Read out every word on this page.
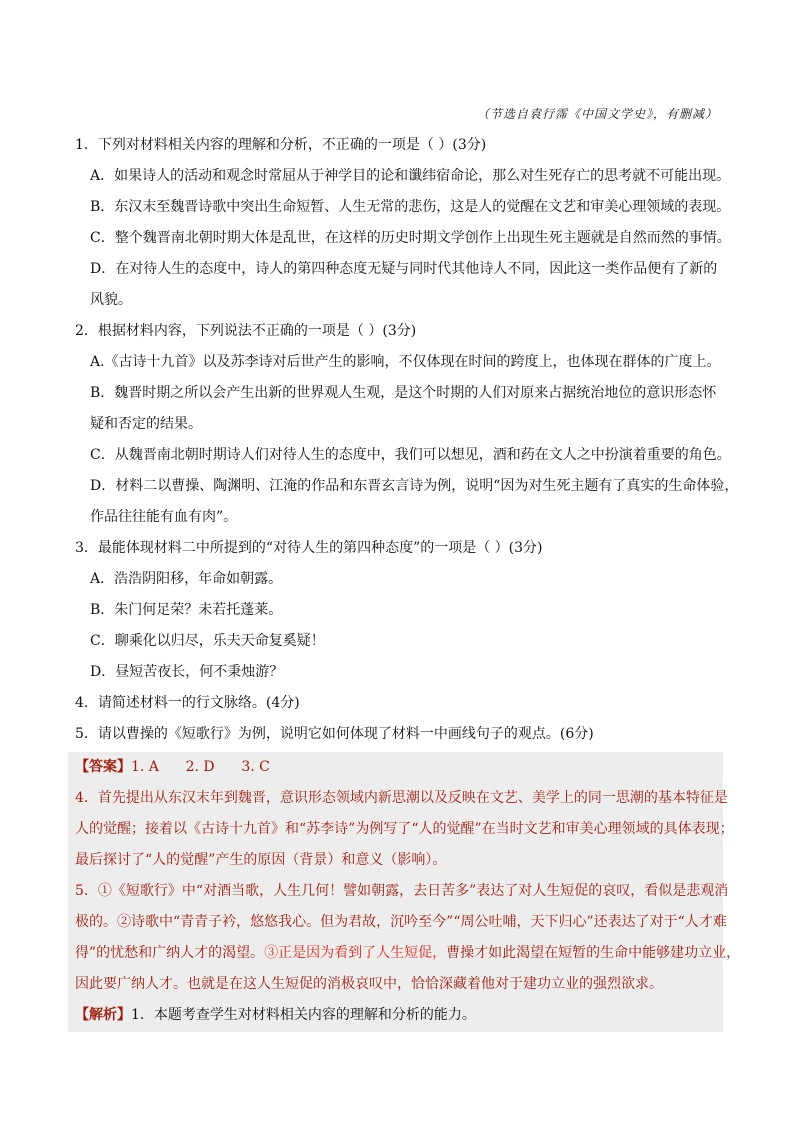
（节选自袁行霈《中国文学史》，有删减）
1．下列对材料相关内容的理解和分析，不正确的一项是（ ）(3分)
A．如果诗人的活动和观念时常屈从于神学目的论和谶纬宿命论，那么对生死存亡的思考就不可能出现。
B．东汉末至魏晋诗歌中突出生命短暂、人生无常的悲伤，这是人的觉醒在文艺和审美心理领域的表现。
C．整个魏晋南北朝时期大体是乱世，在这样的历史时期文学创作上出现生死主题就是自然而然的事情。
D．在对待人生的态度中，诗人的第四种态度无疑与同时代其他诗人不同，因此这一类作品便有了新的
风貌。
2．根据材料内容，下列说法不正确的一项是（ ）(3分)
A.《古诗十九首》以及苏李诗对后世产生的影响，不仅体现在时间的跨度上，也体现在群体的广度上。
B．魏晋时期之所以会产生出新的世界观人生观，是这个时期的人们对原来占据统治地位的意识形态怀
疑和否定的结果。
C．从魏晋南北朝时期诗人们对待人生的态度中，我们可以想见，酒和药在文人之中扮演着重要的角色。
D．材料二以曹操、陶渊明、江淹的作品和东晋玄言诗为例，说明“因为对生死主题有了真实的生命体验，
作品往往能有血有肉”。
3．最能体现材料二中所提到的“对待人生的第四种态度”的一项是（ ）(3分)
A．浩浩阴阳移，年命如朝露。
B．朱门何足荣？未若托蓬莱。
C．聊乘化以归尽，乐夫天命复奚疑！
D．昼短苦夜长，何不秉烛游？
4．请简述材料一的行文脉络。(4分)
5．请以曹操的《短歌行》为例，说明它如何体现了材料一中画线句子的观点。(6分)
【答案】1. A      2. D      3. C
4．首先提出从东汉末年到魏晋，意识形态领域内新思潮以及反映在文艺、美学上的同一思潮的基本特征是
人的觉醒；接着以《古诗十九首》和“苏李诗”为例写了“人的觉醒”在当时文艺和审美心理领域的具体表现；
最后探讨了“人的觉醒”产生的原因（背景）和意义（影响）。
5．①《短歌行》中“对酒当歌，人生几何！譬如朝露，去日苦多”表达了对人生短促的哀叹，看似是悲观消
极的。②诗歌中“青青子衿，悠悠我心。但为君故，沉吟至今”“周公吐哺，天下归心”还表达了对于“人才难
得”的忧愁和广纳人才的渴望。③正是因为看到了人生短促，曹操才如此渴望在短暂的生命中能够建功立业，
因此要广纳人才。也就是在这人生短促的消极哀叹中，恰恰深藏着他对于建功立业的强烈欲求。
【解析】1．本题考查学生对材料相关内容的理解和分析的能力。
